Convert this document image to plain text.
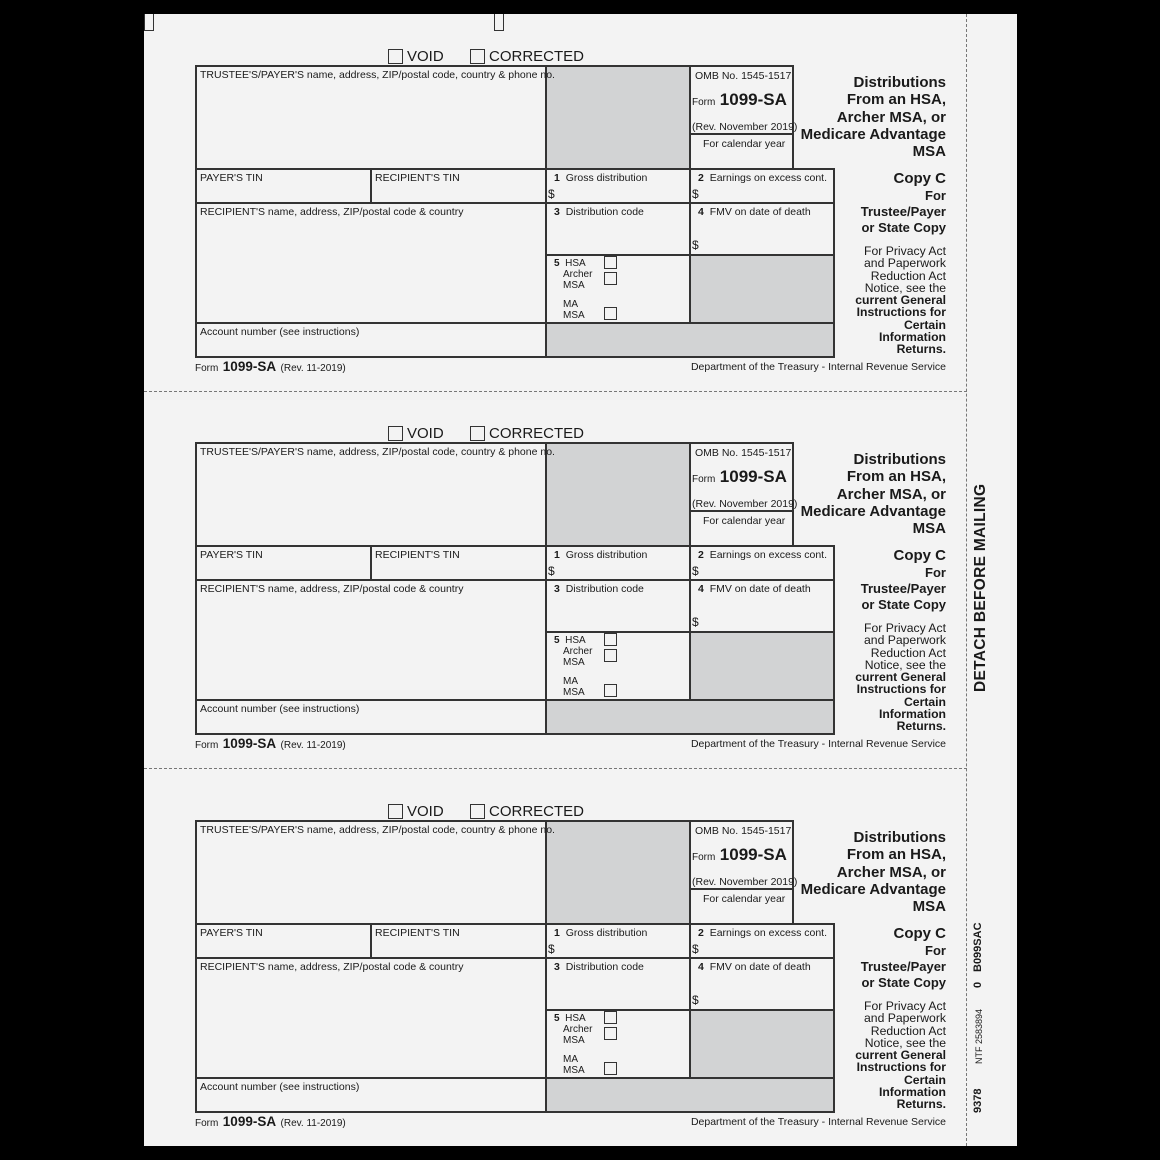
DETACH BEFORE MAILING
B099SAC
0
NTF 2583894
9378
VOID	CORRECTED
TRUSTEE'S/PAYER'S name, address, ZIP/postal code, country & phone no.	OMB No. 1545-1517
Form 1099-SA
(Rev. November 2019)
For calendar year
Distributions
From an HSA,
Archer MSA, or
Medicare Advantage
MSA
PAYER'S TIN	RECIPIENT'S TIN	1 Gross distribution
$
2 Earnings on excess cont.
$
RECIPIENT'S name, address, ZIP/postal code & country	3 Distribution code	4 FMV on date of death
$
5 HSA
Archer
MSA
MA
MSA
Account number (see instructions)
Copy C
For
Trustee/Payer
or State Copy
For Privacy Act
and Paperwork
Reduction Act
Notice, see the
current General
Instructions for
Certain
Information
Returns.
Form 1099-SA (Rev. 11-2019)	Department of the Treasury - Internal Revenue Service
VOID	CORRECTED
TRUSTEE'S/PAYER'S name, address, ZIP/postal code, country & phone no.	OMB No. 1545-1517
Form 1099-SA
(Rev. November 2019)
For calendar year
Distributions
From an HSA,
Archer MSA, or
Medicare Advantage
MSA
PAYER'S TIN	RECIPIENT'S TIN	1 Gross distribution
$
2 Earnings on excess cont.
$
RECIPIENT'S name, address, ZIP/postal code & country	3 Distribution code	4 FMV on date of death
$
5 HSA
Archer
MSA
MA
MSA
Account number (see instructions)
Copy C
For
Trustee/Payer
or State Copy
For Privacy Act
and Paperwork
Reduction Act
Notice, see the
current General
Instructions for
Certain
Information
Returns.
Form 1099-SA (Rev. 11-2019)	Department of the Treasury - Internal Revenue Service
VOID	CORRECTED
TRUSTEE'S/PAYER'S name, address, ZIP/postal code, country & phone no.	OMB No. 1545-1517
Form 1099-SA
(Rev. November 2019)
For calendar year
Distributions
From an HSA,
Archer MSA, or
Medicare Advantage
MSA
PAYER'S TIN	RECIPIENT'S TIN	1 Gross distribution
$
2 Earnings on excess cont.
$
RECIPIENT'S name, address, ZIP/postal code & country	3 Distribution code	4 FMV on date of death
$
5 HSA
Archer
MSA
MA
MSA
Account number (see instructions)
Copy C
For
Trustee/Payer
or State Copy
For Privacy Act
and Paperwork
Reduction Act
Notice, see the
current General
Instructions for
Certain
Information
Returns.
Form 1099-SA (Rev. 11-2019)	Department of the Treasury - Internal Revenue Service
